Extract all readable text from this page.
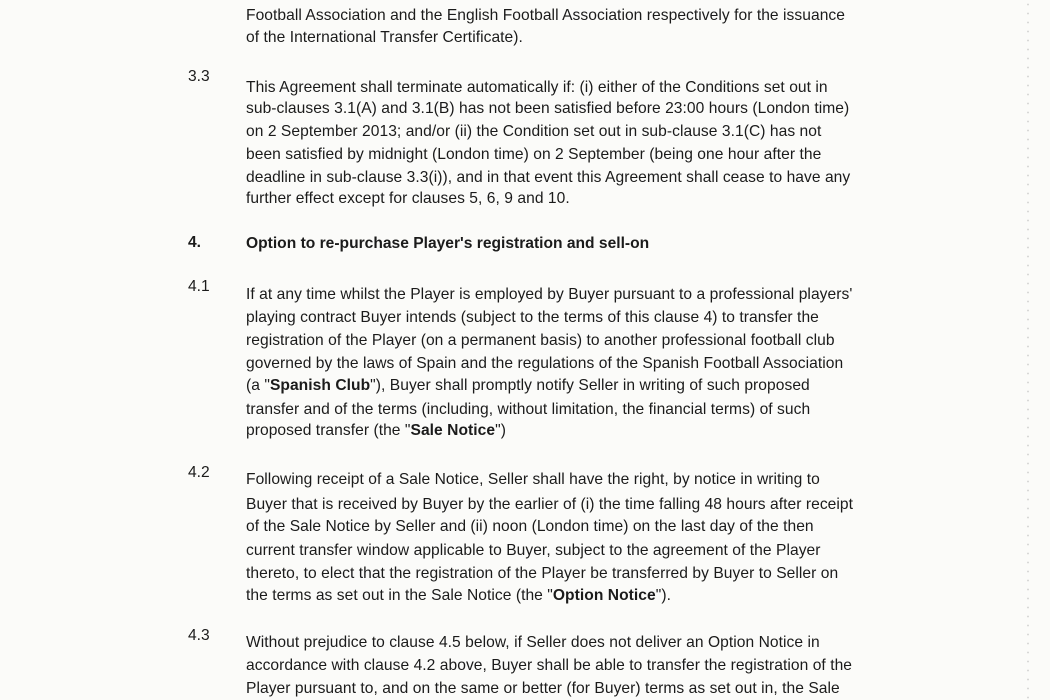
Football Association and the English Football Association respectively for the issuance
of the International Transfer Certificate).
3.3
This Agreement shall terminate automatically if: (i) either of the Conditions set out in
sub-clauses 3.1(A) and 3.1(B) has not been satisfied before 23:00 hours (London time)
on 2 September 2013; and/or (ii) the Condition set out in sub-clause 3.1(C) has not
been satisfied by midnight (London time) on 2 September (being one hour after the
deadline in sub-clause 3.3(i)), and in that event this Agreement shall cease to have any
further effect except for clauses 5, 6, 9 and 10.
4.	Option to re-purchase Player's registration and sell-on
4.1 If at any time whilst the Player is employed by Buyer pursuant to a professional players'
playing contract Buyer intends (subject to the terms of this clause 4) to transfer the
registration of the Player (on a permanent basis) to another professional football club
governed by the laws of Spain and the regulations of the Spanish Football Association
(a "Spanish Club"), Buyer shall promptly notify Seller in writing of such proposed
transfer and of the terms (including, without limitation, the financial terms) of such
proposed transfer (the "Sale Notice")
4.2 Following receipt of a Sale Notice, Seller shall have the right, by notice in writing to
Buyer that is received by Buyer by the earlier of (i) the time falling 48 hours after receipt
of the Sale Notice by Seller and (ii) noon (London time) on the last day of the then
current transfer window applicable to Buyer, subject to the agreement of the Player
thereto, to elect that the registration of the Player be transferred by Buyer to Seller on
the terms as set out in the Sale Notice (the "Option Notice").
4.3 Without prejudice to clause 4.5 below, if Seller does not deliver an Option Notice in
accordance with clause 4.2 above, Buyer shall be able to transfer the registration of the
Player pursuant to, and on the same or better (for Buyer) terms as set out in, the Sale
